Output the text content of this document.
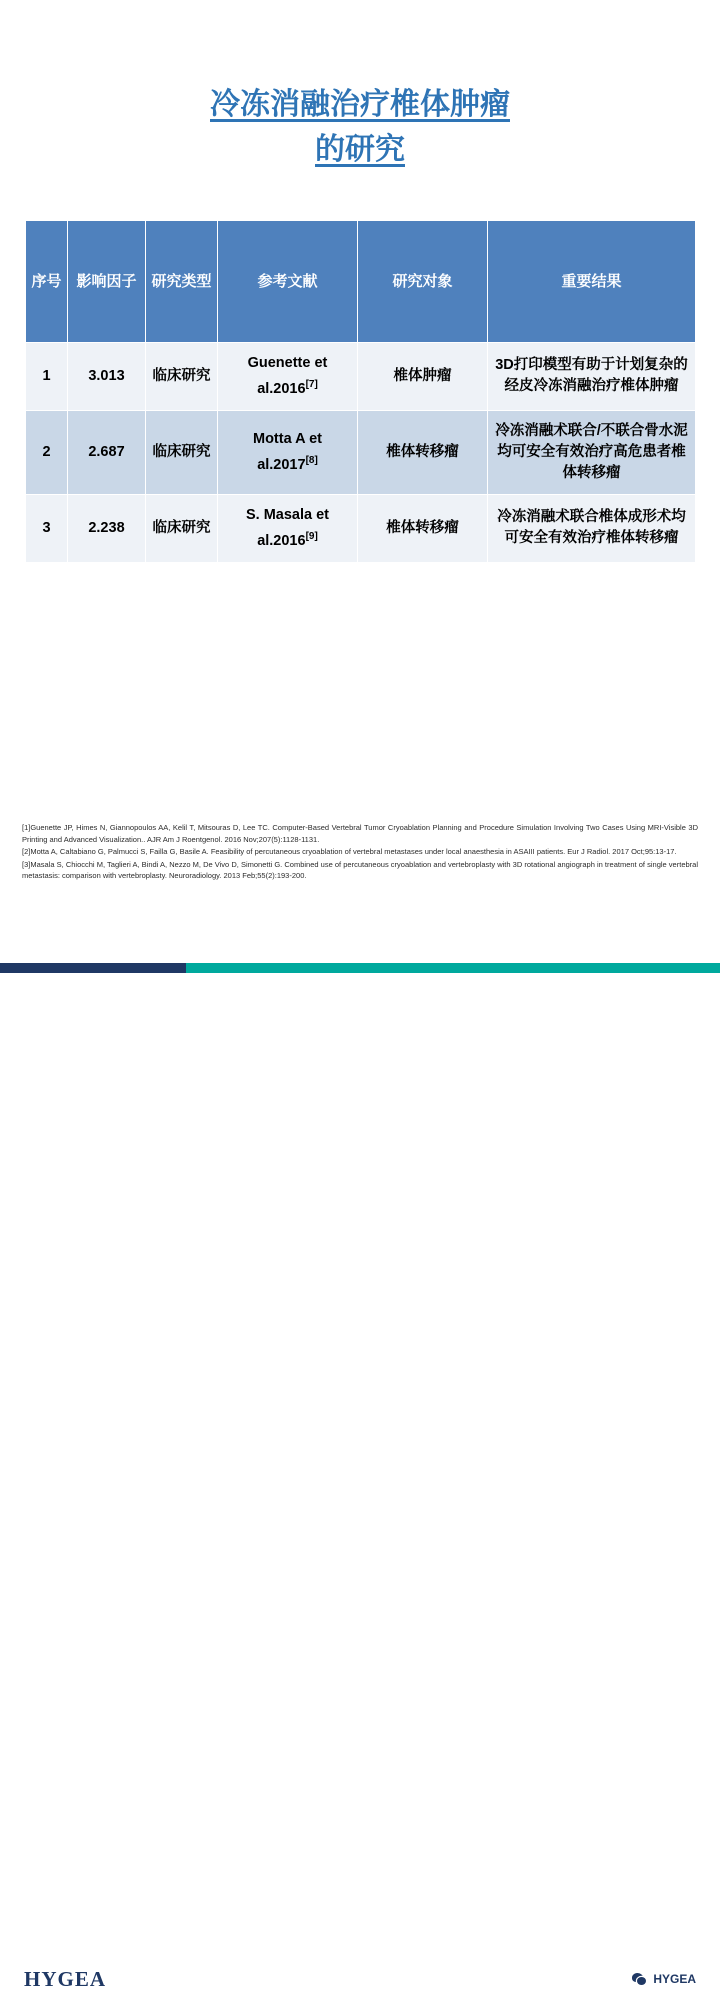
冷冻消融治疗椎体肿瘤
的研究
序号	影响因子	研究类型	参考文献	研究对象	重要结果
1	3.013	临床研究	Guenette et al.2016[7]	椎体肿瘤	3D打印模型有助于计划复杂的经皮冷冻消融治疗椎体肿瘤
2	2.687	临床研究	Motta A et al.2017[8]	椎体转移瘤	冷冻消融术联合/不联合骨水泥均可安全有效治疗高危患者椎体转移瘤
3	2.238	临床研究	S. Masala et al.2016[9]	椎体转移瘤	冷冻消融术联合椎体成形术均可安全有效治疗椎体转移瘤

[1]Guenette JP, Himes N, Giannopoulos AA, Kelil T, Mitsouras D, Lee TC. Computer-Based Vertebral Tumor Cryoablation Planning and Procedure Simulation Involving Two Cases Using MRI-Visible 3D Printing and Advanced Visualization.. AJR Am J Roentgenol. 2016 Nov;207(5):1128-1131.

[2]Motta A, Caltabiano G, Palmucci S, Failla G, Basile A. Feasibility of percutaneous cryoablation of vertebral metastases under local anaesthesia in ASAIII patients. Eur J Radiol. 2017 Oct;95:13-17.

[3]Masala S, Chiocchi M, Taglieri A, Bindi A, Nezzo M, De Vivo D, Simonetti G. Combined use of percutaneous cryoablation and vertebroplasty with 3D rotational angiograph in treatment of single vertebral metastasis: comparison with vertebroplasty. Neuroradiology. 2013 Feb;55(2):193-200.

HYGEA	HYGEA
